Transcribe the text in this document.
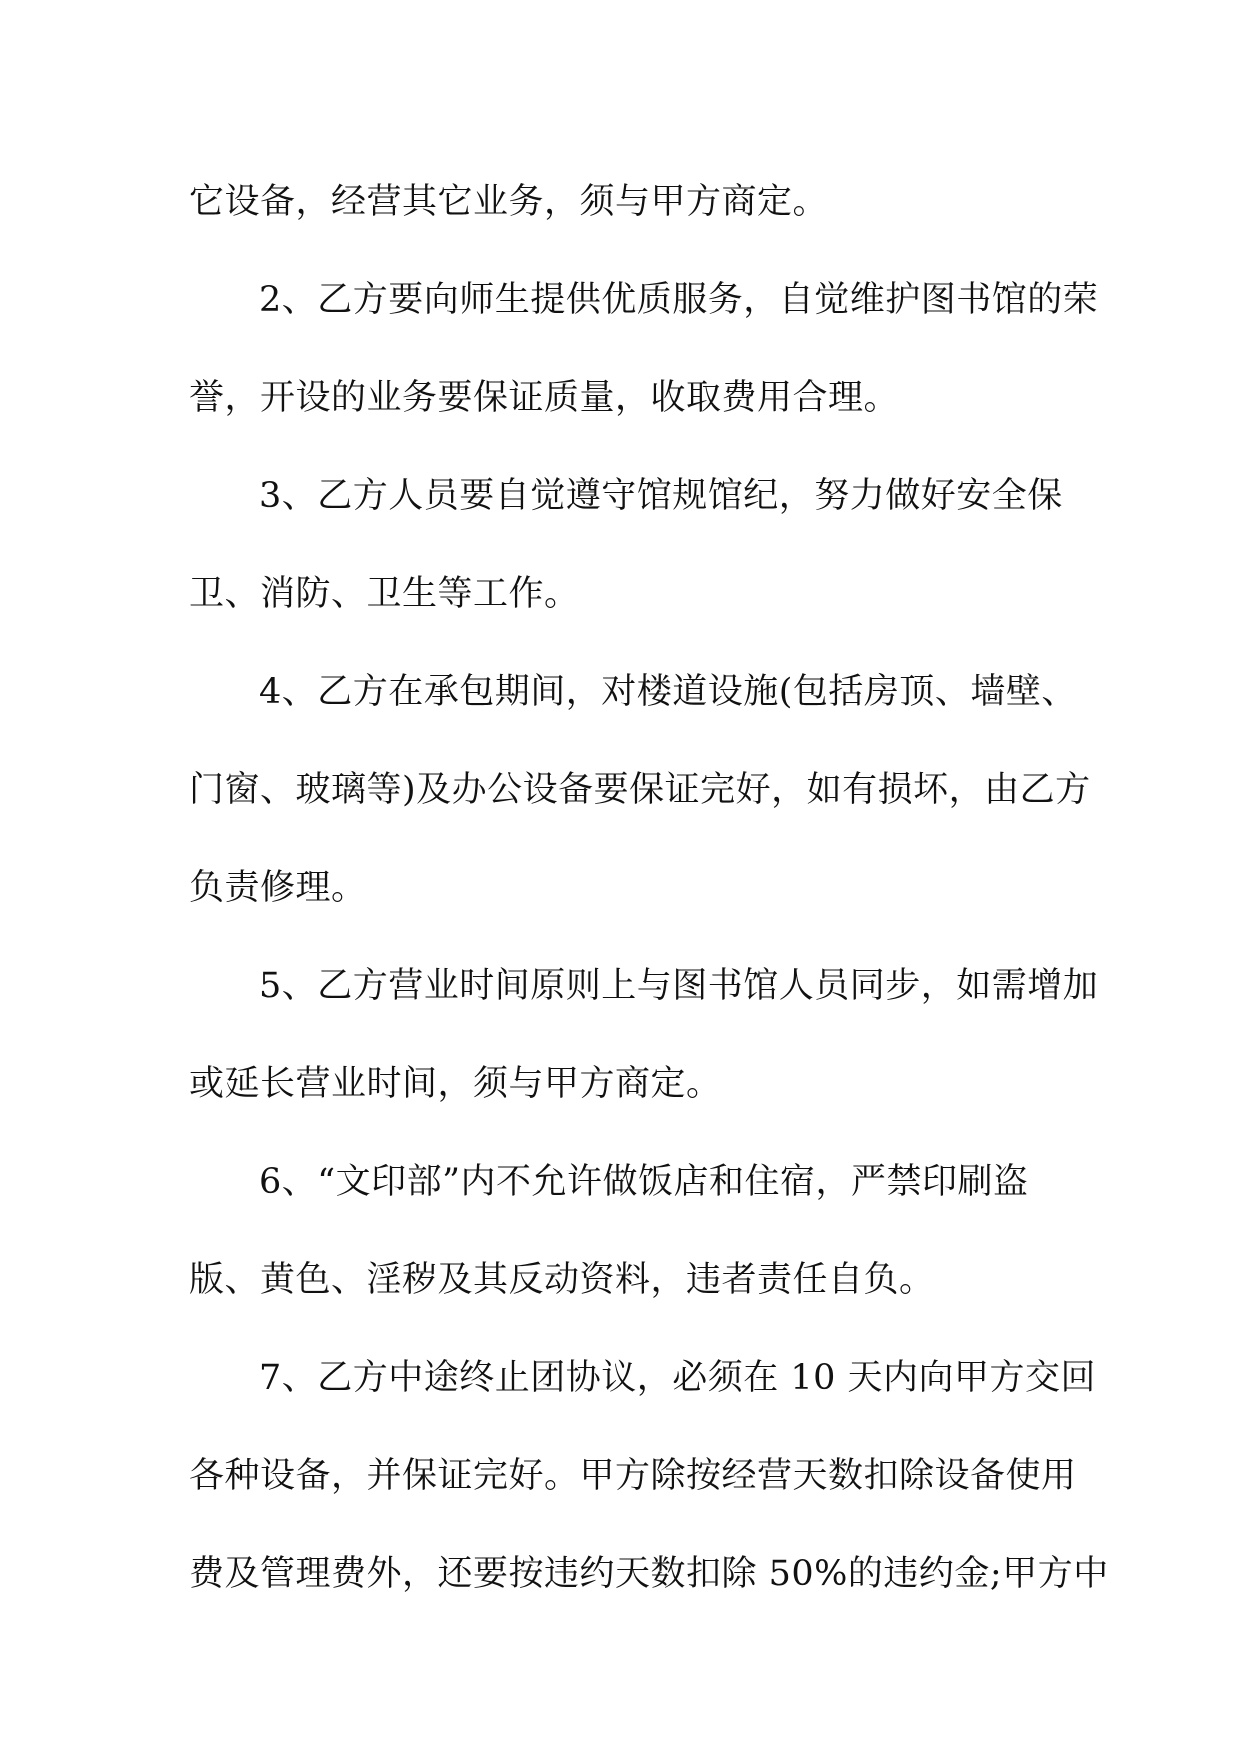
它设备，经营其它业务，须与甲方商定。
2、乙方要向师生提供优质服务，自觉维护图书馆的荣
誉，开设的业务要保证质量，收取费用合理。
3、乙方人员要自觉遵守馆规馆纪，努力做好安全保
卫、消防、卫生等工作。
4、乙方在承包期间，对楼道设施(包括房顶、墙壁、
门窗、玻璃等)及办公设备要保证完好，如有损坏，由乙方
负责修理。
5、乙方营业时间原则上与图书馆人员同步，如需增加
或延长营业时间，须与甲方商定。
6、“文印部”内不允许做饭店和住宿，严禁印刷盗
版、黄色、淫秽及其反动资料，违者责任自负。
7、乙方中途终止团协议，必须在 10 天内向甲方交回
各种设备，并保证完好。甲方除按经营天数扣除设备使用
费及管理费外，还要按违约天数扣除 50%的违约金;甲方中
